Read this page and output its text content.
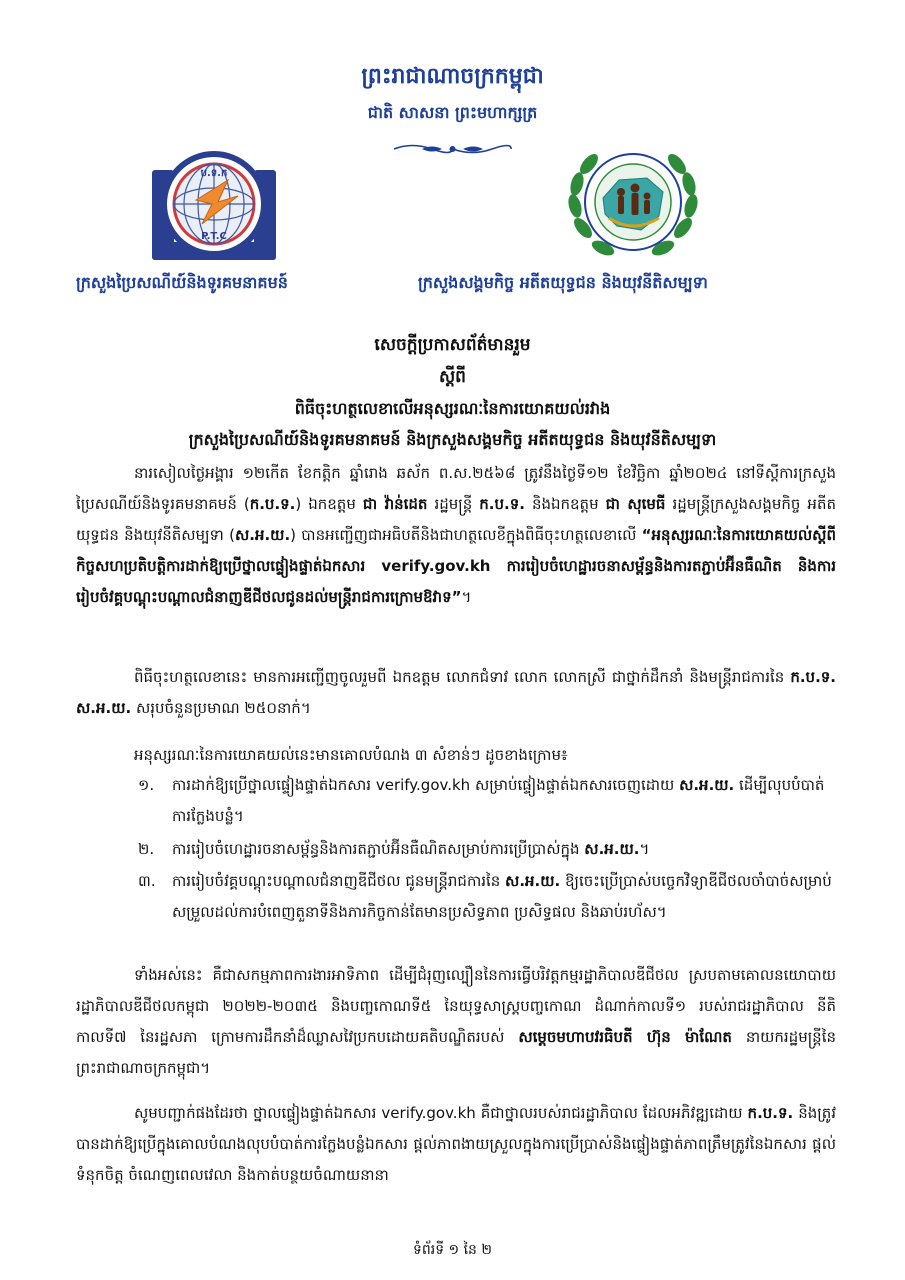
ព្រះរាជាណាចក្រកម្ពុជា
ជាតិ សាសនា ព្រះមហាក្សត្រ
ប.ទ.ក
P.T.C
ក្រសួងប្រៃសណីយ៍និងទូរគមនាគមន៍	ក្រសួងសង្គមកិច្ច អតីតយុទ្ធជន និងយុវនីតិសម្បទា
សេចក្តីប្រកាសព័ត៌មានរួម
ស្តីពី
ពិធីចុះហត្ថលេខាលើអនុស្សរណៈនៃការយោគយល់រវាង
ក្រសួងប្រៃសណីយ៍និងទូរគមនាគមន៍ និងក្រសួងសង្គមកិច្ច អតីតយុទ្ធជន និងយុវនីតិសម្បទា
នារសៀលថ្ងៃអង្គារ ១២កើត ខែកត្តិក ឆ្នាំរោង ឆស័ក ព.ស.២៥៦៨ ត្រូវនឹងថ្ងៃទី១២ ខែវិច្ឆិកា ឆ្នាំ២០២៤ នៅទីស្តីការក្រសួងប្រៃសណីយ៍និងទូរគមនាគមន៍ (ក.ប.ទ.) ឯកឧត្តម ជា វ៉ាន់ដេត រដ្ឋមន្ត្រី ក.ប.ទ. និងឯកឧត្តម ជា សុមេធី រដ្ឋមន្ត្រីក្រសួងសង្គមកិច្ច អតីតយុទ្ធជន និងយុវនីតិសម្បទា (ស.អ.យ.) បានអញ្ជើញជាអធិបតីនិងជាហត្ថលេខីក្នុងពិធីចុះហត្ថលេខាលើ “អនុស្សរណៈនៃការយោគយល់ស្តីពីកិច្ចសហប្រតិបត្តិការដាក់ឱ្យប្រើថ្នាលផ្ទៀងផ្ទាត់ឯកសារ verify.gov.kh ការរៀបចំហេដ្ឋារចនាសម្ព័ន្ធនិងការតភ្ជាប់អ៊ីនធឺណិត និងការរៀបចំវគ្គបណ្តុះបណ្តាលជំនាញឌីជីថលជូនដល់មន្ត្រីរាជការក្រោមឱវាទ”។
ពិធីចុះហត្ថលេខានេះ មានការអញ្ជើញចូលរួមពី ឯកឧត្តម លោកជំទាវ លោក លោកស្រី ជាថ្នាក់ដឹកនាំ និងមន្ត្រីរាជការនៃ ក.ប.ទ. ស.អ.យ. សរុបចំនួនប្រមាណ ២៥០នាក់។
អនុស្សរណៈនៃការយោគយល់នេះមានគោលបំណង ៣ សំខាន់ៗ ដូចខាងក្រោម៖
១.	ការដាក់ឱ្យប្រើថ្នាលផ្ទៀងផ្ទាត់ឯកសារ verify.gov.kh សម្រាប់ផ្ទៀងផ្ទាត់ឯកសារចេញដោយ ស.អ.យ. ដើម្បីលុបបំបាត់ការក្លែងបន្លំ។
២.	ការរៀបចំហេដ្ឋារចនាសម្ព័ន្ធនិងការតភ្ជាប់អ៊ីនធឺណិតសម្រាប់ការប្រើប្រាស់ក្នុង ស.អ.យ.។
៣.	ការរៀបចំវគ្គបណ្តុះបណ្តាលជំនាញឌីជីថល ជូនមន្ត្រីរាជការនៃ ស.អ.យ. ឱ្យចេះប្រើប្រាស់បច្ចេកវិទ្យាឌីជីថលចាំបាច់សម្រាប់សម្រួលដល់ការបំពេញតួនាទីនិងភារកិច្ចកាន់តែមានប្រសិទ្ធភាព ប្រសិទ្ធផល និងឆាប់រហ័ស។
ទាំងអស់នេះ គឺជាសកម្មភាពការងារអាទិភាព ដើម្បីជំរុញល្បឿននៃការធ្វើបរិវត្តកម្មរដ្ឋាភិបាលឌីជីថល ស្របតាមគោលនយោបាយរដ្ឋាភិបាលឌីជីថលកម្ពុជា ២០២២-២០៣៥ និងបញ្ចកោណទី៥ នៃយុទ្ធសាស្ត្របញ្ចកោណ ដំណាក់កាលទី១ របស់រាជរដ្ឋាភិបាល នីតិកាលទី៧ នៃរដ្ឋសភា ក្រោមការដឹកនាំដ៏ឈ្លាសវៃប្រកបដោយគតិបណ្ឌិតរបស់ សម្តេចមហាបវរធិបតី ហ៊ុន ម៉ាណែត នាយករដ្ឋមន្ត្រីនៃព្រះរាជាណាចក្រកម្ពុជា។
សូមបញ្ជាក់ផងដែរថា ថ្នាលផ្ទៀងផ្ទាត់ឯកសារ verify.gov.kh គឺជាថ្នាលរបស់រាជរដ្ឋាភិបាល ដែលអភិវឌ្ឍដោយ ក.ប.ទ. និងត្រូវបានដាក់ឱ្យប្រើក្នុងគោលបំណងលុបបំបាត់ការក្លែងបន្លំឯកសារ ផ្តល់ភាពងាយស្រួលក្នុងការប្រើប្រាស់និងផ្ទៀងផ្ទាត់ភាពត្រឹមត្រូវនៃឯកសារ ផ្តល់ទំនុកចិត្ត ចំណេញពេលវេលា និងកាត់បន្ថយចំណាយនានា
ទំព័រទី ១ នៃ ២
